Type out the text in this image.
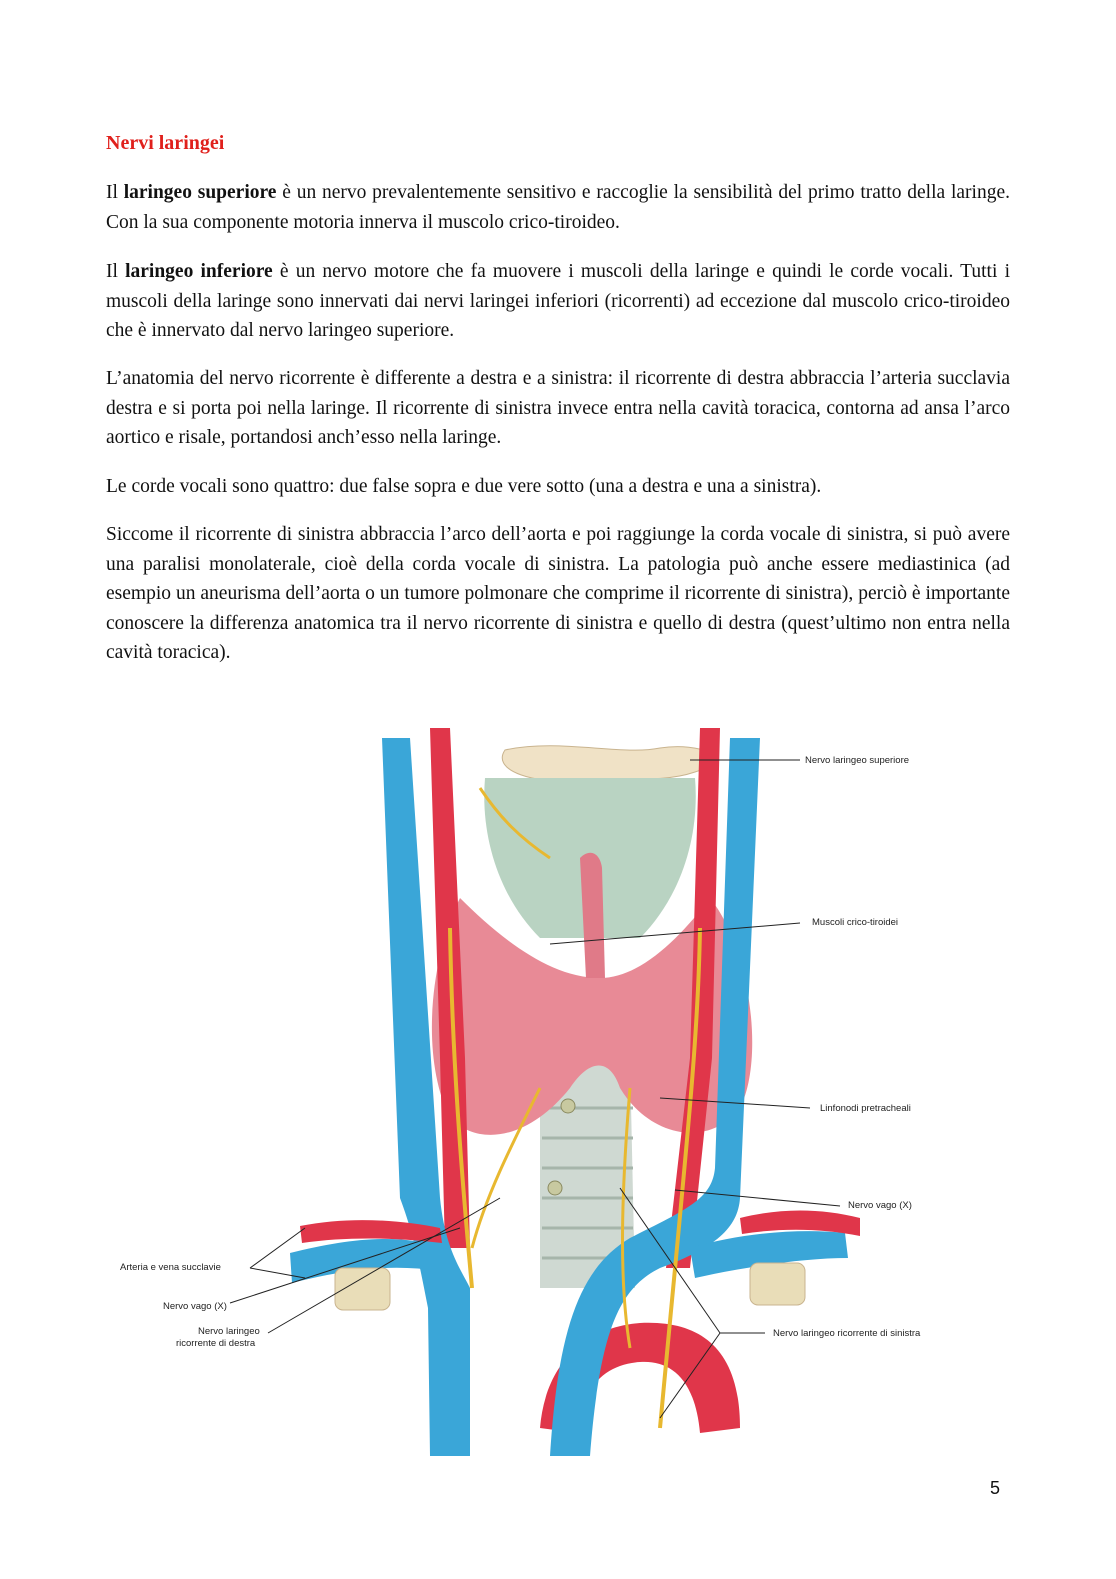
Nervi laringei

Il laringeo superiore è un nervo prevalentemente sensitivo e raccoglie la sensibilità del primo tratto della laringe. Con la sua componente motoria innerva il muscolo crico-tiroideo.

Il laringeo inferiore è un nervo motore che fa muovere i muscoli della laringe e quindi le corde vocali. Tutti i muscoli della laringe sono innervati dai nervi laringei inferiori (ricorrenti) ad eccezione dal muscolo crico-tiroideo che è innervato dal nervo laringeo superiore.

L’anatomia del nervo ricorrente è differente a destra e a sinistra: il ricorrente di destra abbraccia l’arteria succlavia destra e si porta poi nella laringe. Il ricorrente di sinistra invece entra nella cavità toracica, contorna ad ansa l’arco aortico e risale, portandosi anch’esso nella laringe.

Le corde vocali sono quattro: due false sopra e due vere sotto (una a destra e una a sinistra).

Siccome il ricorrente di sinistra abbraccia l’arco dell’aorta e poi raggiunge la corda vocale di sinistra, si può avere una paralisi monolaterale, cioè della corda vocale di sinistra. La patologia può anche essere mediastinica (ad esempio un aneurisma dell’aorta o un tumore polmonare che comprime il ricorrente di sinistra), perciò è importante conoscere la differenza anatomica tra il nervo ricorrente di sinistra e quello di destra (quest’ultimo non entra nella cavità toracica).

Nervo laringeo superiore
Muscoli crico-tiroidei
Linfonodi pretracheali
Nervo vago (X)
Arteria e vena succlavie
Nervo vago (X)
Nervo laringeo
ricorrente di destra
Nervo laringeo ricorrente di sinistra
5
